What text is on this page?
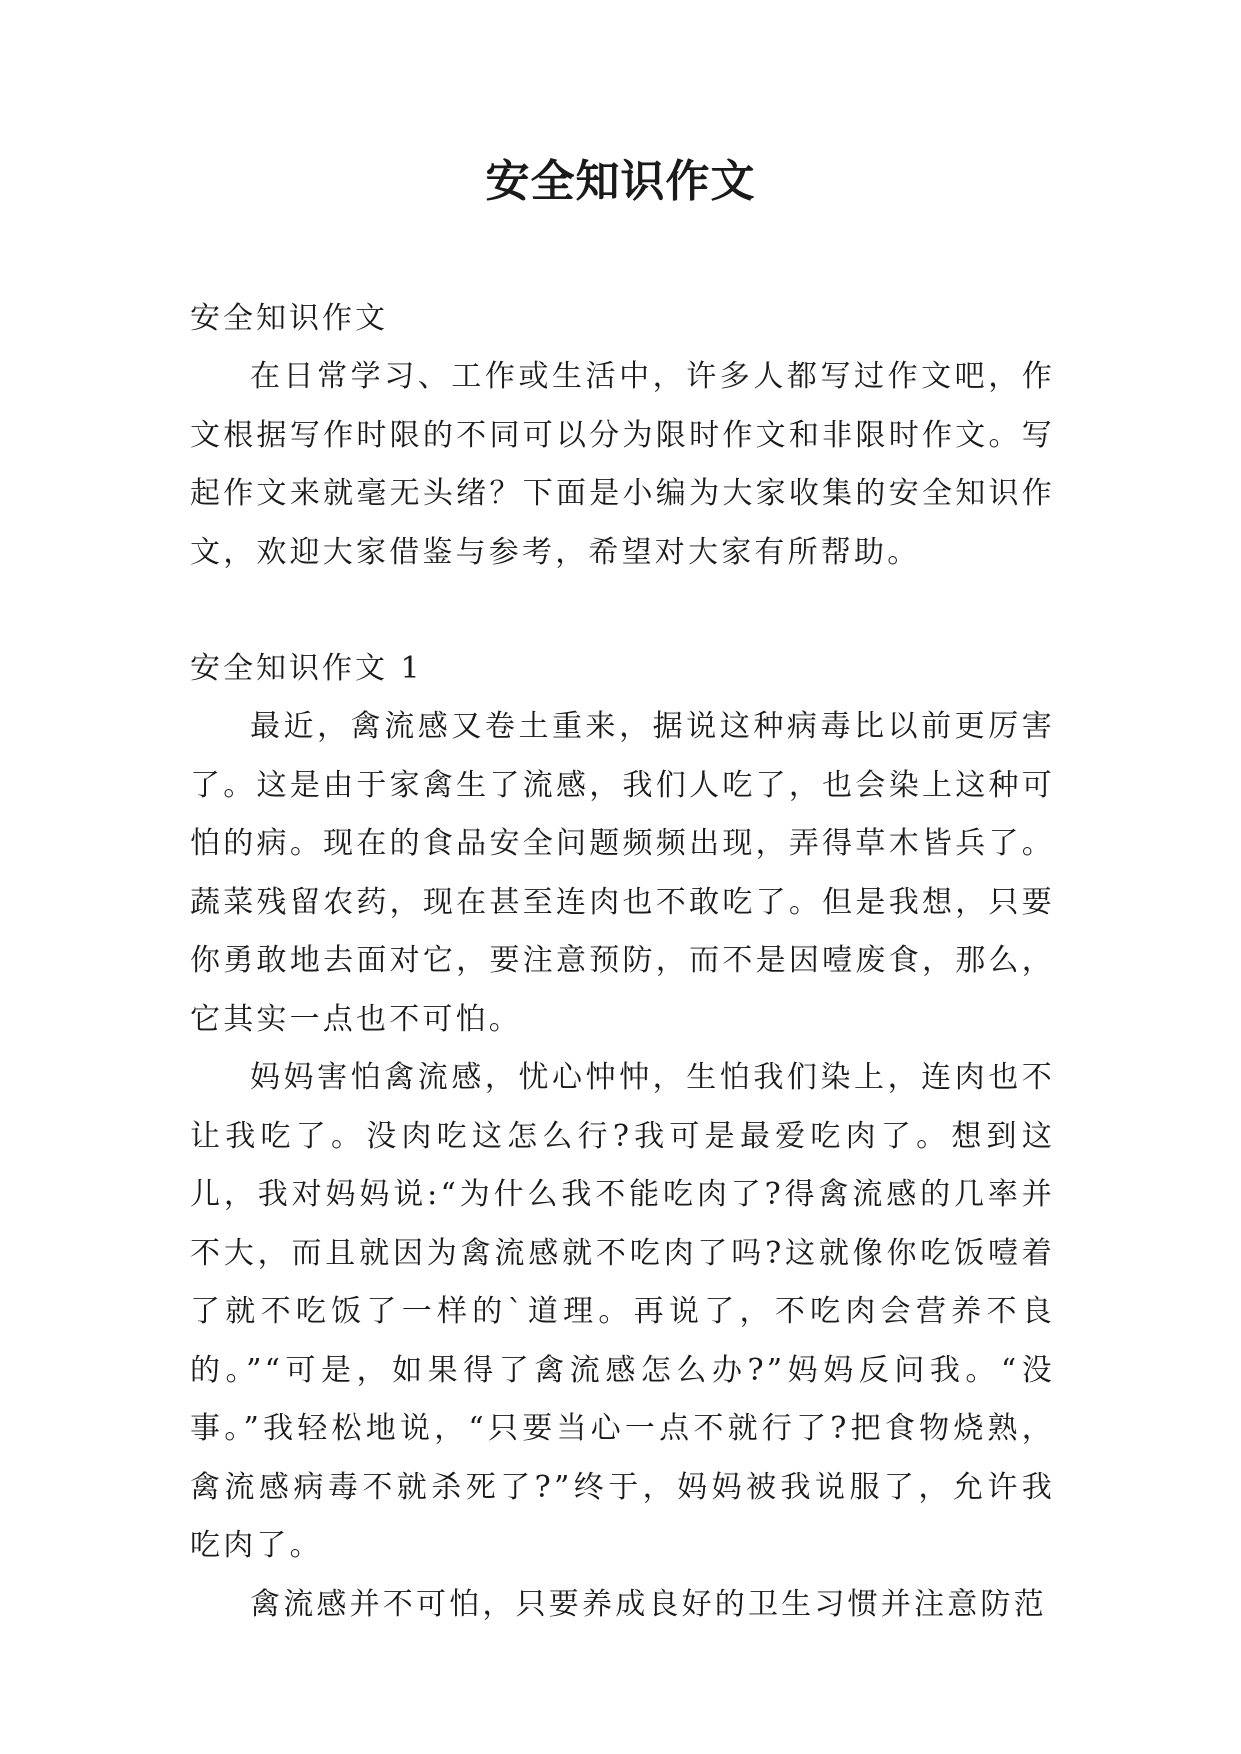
安全知识作文

安全知识作文

在日常学习、工作或生活中，许多人都写过作文吧，作文根据写作时限的不同可以分为限时作文和非限时作文。写起作文来就毫无头绪？下面是小编为大家收集的安全知识作文，欢迎大家借鉴与参考，希望对大家有所帮助。

安全知识作文 1

最近，禽流感又卷土重来，据说这种病毒比以前更厉害了。这是由于家禽生了流感，我们人吃了，也会染上这种可怕的病。现在的食品安全问题频频出现，弄得草木皆兵了。蔬菜残留农药，现在甚至连肉也不敢吃了。但是我想，只要你勇敢地去面对它，要注意预防，而不是因噎废食，那么，它其实一点也不可怕。

妈妈害怕禽流感，忧心忡忡，生怕我们染上，连肉也不让我吃了。没肉吃这怎么行?我可是最爱吃肉了。想到这儿，我对妈妈说:“为什么我不能吃肉了?得禽流感的几率并不大，而且就因为禽流感就不吃肉了吗?这就像你吃饭噎着了就不吃饭了一样的`道理。再说了，不吃肉会营养不良的。”“可是，如果得了禽流感怎么办?”妈妈反问我。“没事。”我轻松地说，“只要当心一点不就行了?把食物烧熟，禽流感病毒不就杀死了?”终于，妈妈被我说服了，允许我吃肉了。

禽流感并不可怕，只要养成良好的卫生习惯并注意防范
